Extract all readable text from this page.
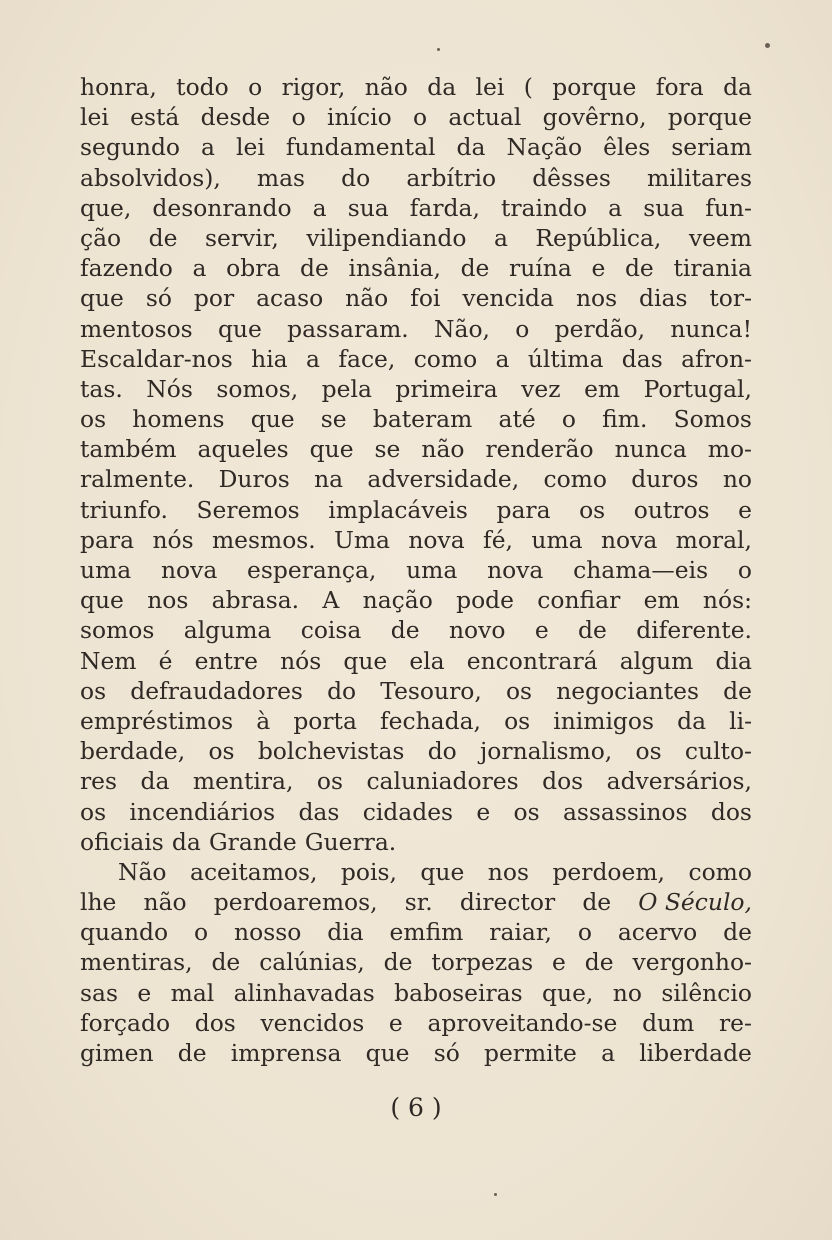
honra, todo o rigor, não da lei ( porque fora da
lei está desde o início o actual govêrno, porque
segundo a lei fundamental da Nação êles seriam
absolvidos), mas do arbítrio dêsses militares
que, desonrando a sua farda, traindo a sua fun-
ção de servir, vilipendiando a República, veem
fazendo a obra de insânia, de ruína e de tirania
que só por acaso não foi vencida nos dias tor-
mentosos que passaram. Não, o perdão, nunca!
Escaldar-nos hia a face, como a última das afron-
tas. Nós somos, pela primeira vez em Portugal,
os homens que se bateram até o fim. Somos
também aqueles que se não renderão nunca mo-
ralmente. Duros na adversidade, como duros no
triunfo. Seremos implacáveis para os outros e
para nós mesmos. Uma nova fé, uma nova moral,
uma nova esperança, uma nova chama—eis o
que nos abrasa. A nação pode confiar em nós:
somos alguma coisa de novo e de diferente.
Nem é entre nós que ela encontrará algum dia
os defraudadores do Tesouro, os negociantes de
empréstimos à porta fechada, os inimigos da li-
berdade, os bolchevistas do jornalismo, os culto-
res da mentira, os caluniadores dos adversários,
os incendiários das cidades e os assassinos dos
oficiais da Grande Guerra.
Não aceitamos, pois, que nos perdoem, como
lhe não perdoaremos, sr. director de O Século,
quando o nosso dia emfim raiar, o acervo de
mentiras, de calúnias, de torpezas e de vergonho-
sas e mal alinhavadas baboseiras que, no silêncio
forçado dos vencidos e aproveitando-se dum re-
gimen de imprensa que só permite a liberdade
( 6 )
